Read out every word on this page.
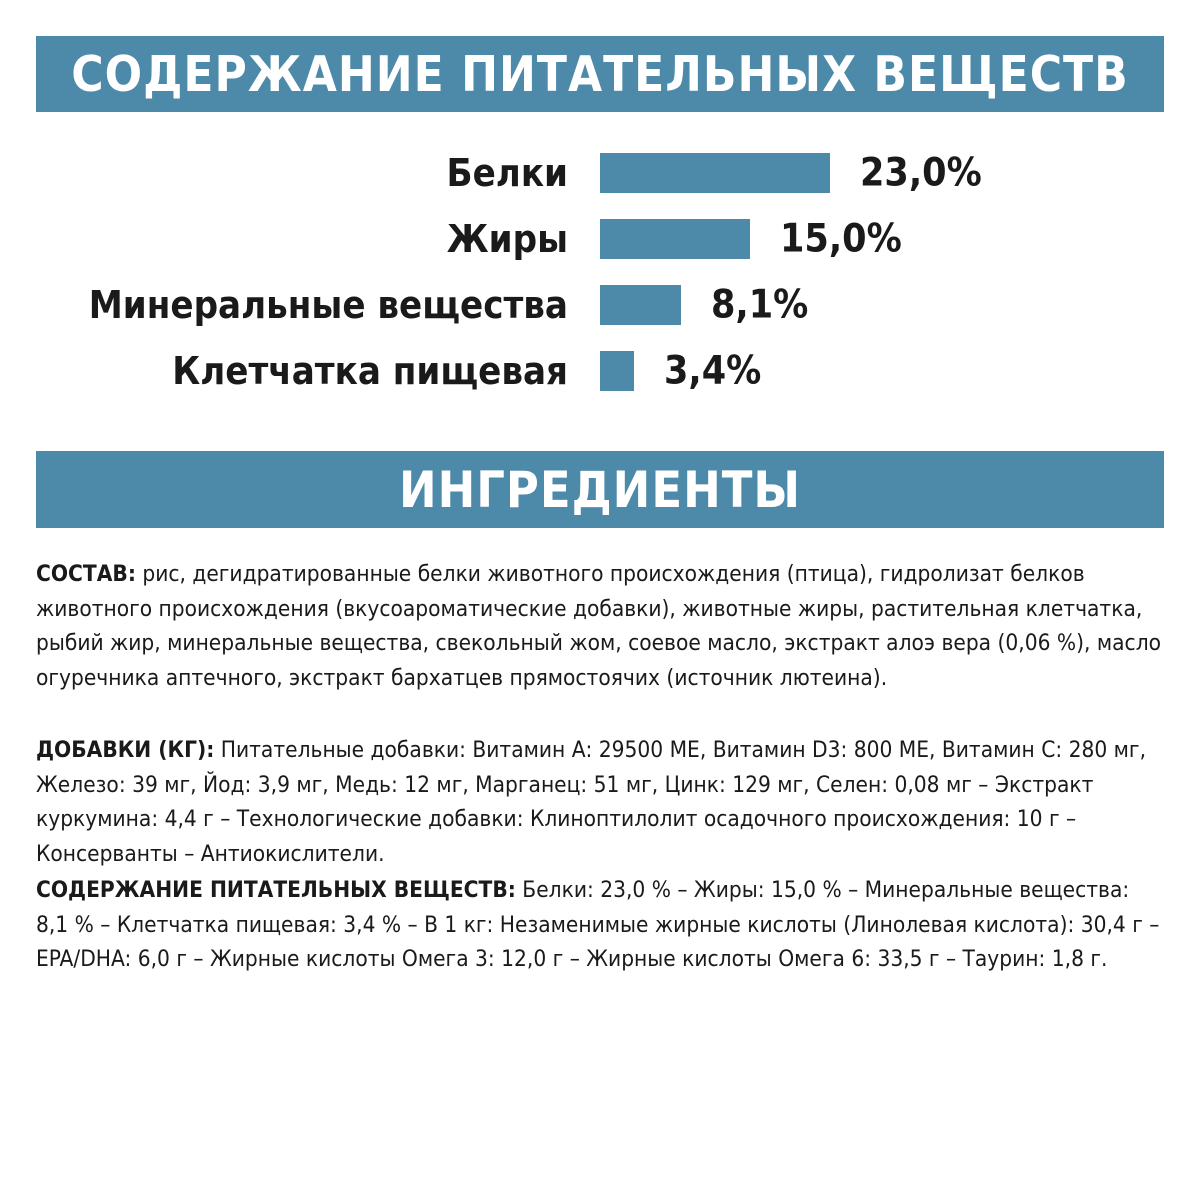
СОДЕРЖАНИЕ ПИТАТЕЛЬНЫХ ВЕЩЕСТВ
Белки	23,0%
Жиры	15,0%
Минеральные вещества	8,1%
Клетчатка пищевая 3,4%
ИНГРЕДИЕНТЫ
СОСТАВ: рис, дегидратированные белки животного происхождения (птица), гидролизат белков животного происхождения (вкусоароматические добавки), животные жиры, растительная клетчатка, рыбий жир, минеральные вещества, свекольный жом, соевое масло, экстракт алоэ вера (0,06 %), масло огуречника аптечного, экстракт бархатцев прямостоячих (источник лютеина).
ДОБАВКИ (КГ): Питательные добавки: Витамин А: 29500 МЕ, Витамин D3: 800 МЕ, Витамин С: 280 мг, Железо: 39 мг, Йод: 3,9 мг, Медь: 12 мг, Марганец: 51 мг, Цинк: 129 мг, Селен: 0,08 мг – Экстракт куркумина: 4,4 г – Технологические добавки: Клиноптилолит осадочного происхождения: 10 г – Консерванты – Антиокислители.
СОДЕРЖАНИЕ ПИТАТЕЛЬНЫХ ВЕЩЕСТВ: Белки: 23,0 % – Жиры: 15,0 % – Минеральные вещества: 8,1 % – Клетчатка пищевая: 3,4 % – В 1 кг: Незаменимые жирные кислоты (Линолевая кислота): 30,4 г – EPA/DHA: 6,0 г – Жирные кислоты Омега 3: 12,0 г – Жирные кислоты Омега 6: 33,5 г – Таурин: 1,8 г.
